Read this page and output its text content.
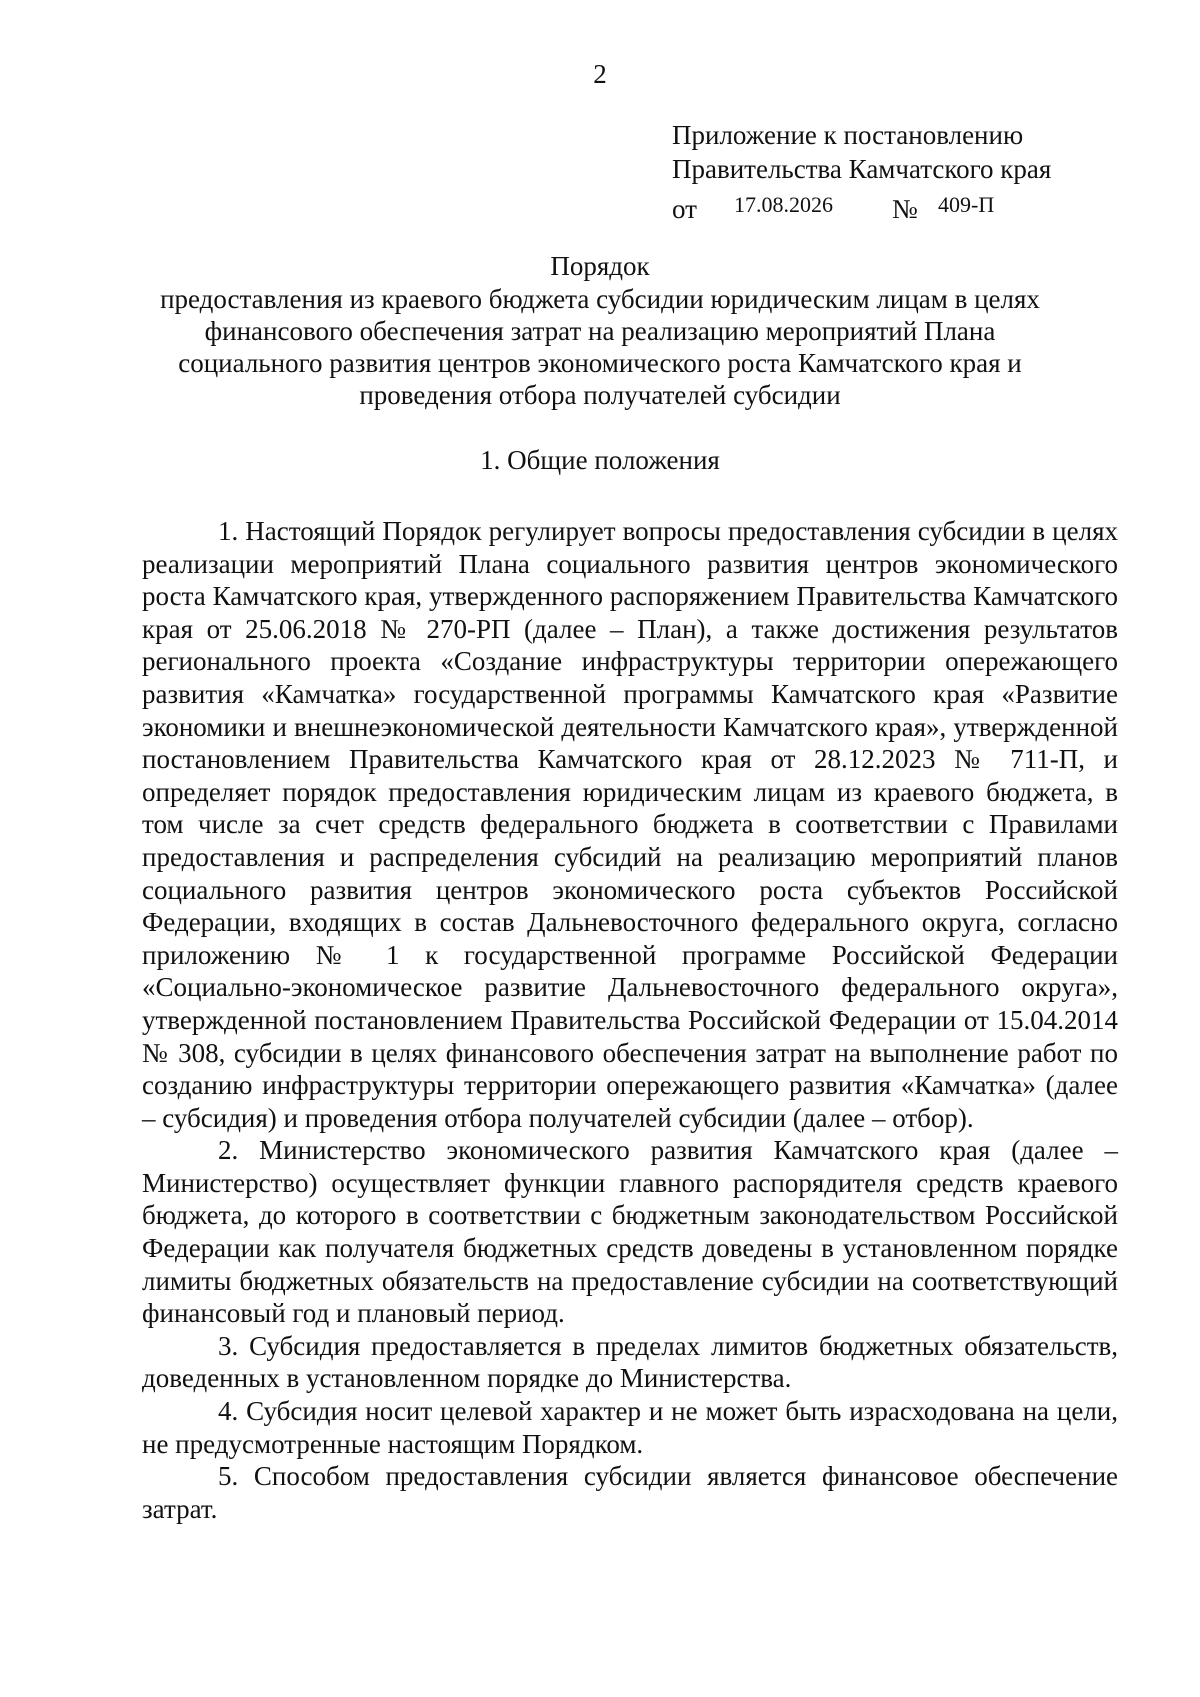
2
Приложение к постановлению
Правительства Камчатского края
от 17.08.2026 № 409-П
Порядок
предоставления из краевого бюджета субсидии юридическим лицам в целях
финансового обеспечения затрат на реализацию мероприятий Плана
социального развития центров экономического роста Камчатского края и
проведения отбора получателей субсидии
1. Общие положения

1. Настоящий Порядок регулирует вопросы предоставления субсидии в целях реализации мероприятий Плана социального развития центров экономического роста Камчатского края, утвержденного распоряжением Правительства Камчатского края от 25.06.2018 № 270-РП (далее – План), а также достижения результатов регионального проекта «Создание инфраструктуры территории опережающего развития «Камчатка» государственной программы Камчатского края «Развитие экономики и внешнеэкономической деятельности Камчатского края», утвержденной постановлением Правительства Камчатского края от 28.12.2023 № 711-П, и определяет порядок предоставления юридическим лицам из краевого бюджета, в том числе за счет средств федерального бюджета в соответствии с Правилами предоставления и распределения субсидий на реализацию мероприятий планов социального развития центров экономического роста субъектов Российской Федерации, входящих в состав Дальневосточного федерального округа, согласно приложению № 1 к государственной программе Российской Федерации «Социально-экономическое развитие Дальневосточного федерального округа», утвержденной постановлением Правительства Российской Федерации от 15.04.2014 № 308, субсидии в целях финансового обеспечения затрат на выполнение работ по созданию инфраструктуры территории опережающего развития «Камчатка» (далее – субсидия) и проведения отбора получателей субсидии (далее – отбор).

2. Министерство экономического развития Камчатского края (далее – Министерство) осуществляет функции главного распорядителя средств краевого бюджета, до которого в соответствии с бюджетным законодательством Российской Федерации как получателя бюджетных средств доведены в установленном порядке лимиты бюджетных обязательств на предоставление субсидии на соответствующий финансовый год и плановый период.

3. Субсидия предоставляется в пределах лимитов бюджетных обязательств, доведенных в установленном порядке до Министерства.

4. Субсидия носит целевой характер и не может быть израсходована на цели, не предусмотренные настоящим Порядком.

5. Способом предоставления субсидии является финансовое обеспечение затрат.
